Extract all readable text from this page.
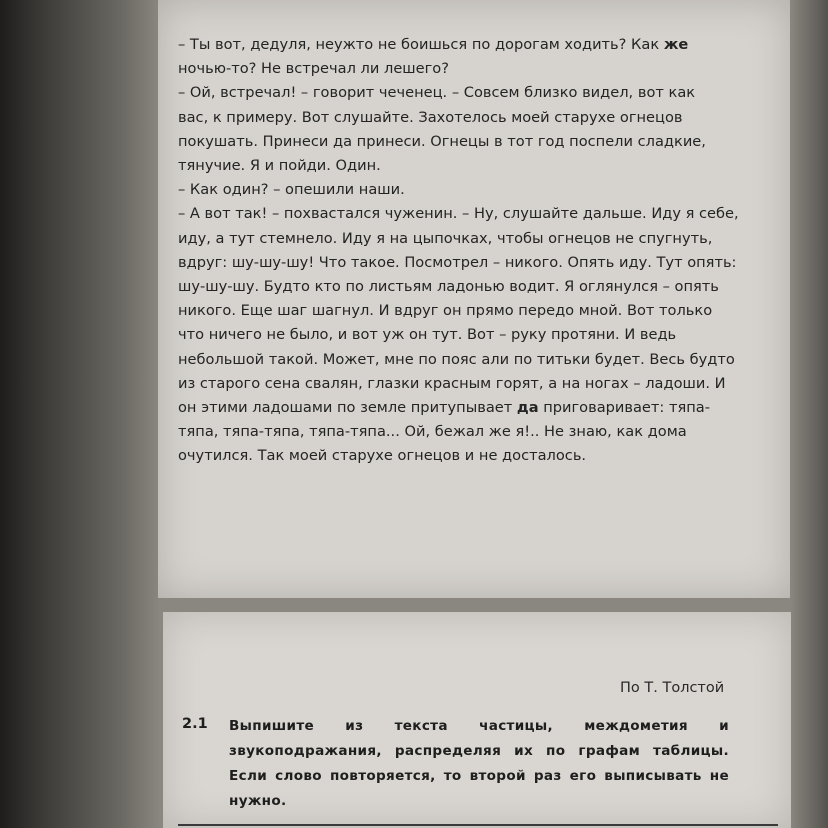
– Ты вот, дедуля, неужто не боишься по дорогам ходить? Как же

ночью-то? Не встречал ли лешего?

– Ой, встречал! – говорит чеченец. – Совсем близко видел, вот как

вас, к примеру. Вот слушайте. Захотелось моей старухе огнецов

покушать. Принеси да принеси. Огнецы в тот год поспели сладкие,

тянучие. Я и пойди. Один.

– Как один? – опешили наши.

– А вот так! – похвастался чуженин. – Ну, слушайте дальше. Иду я себе,

иду, а тут стемнело. Иду я на цыпочках, чтобы огнецов не спугнуть,

вдруг: шу-шу-шу! Что такое. Посмотрел – никого. Опять иду. Тут опять:

шу-шу-шу. Будто кто по листьям ладонью водит. Я оглянулся – опять

никого. Еще шаг шагнул. И вдруг он прямо передо мной. Вот только

что ничего не было, и вот уж он тут. Вот – руку протяни. И ведь

небольшой такой. Может, мне по пояс али по титьки будет. Весь будто

из старого сена свалян, глазки красным горят, а на ногах – ладоши. И

он этими ладошами по земле притупывает да приговаривает: тяпа-

тяпа, тяпа-тяпа, тяпа-тяпа... Ой, бежал же я!.. Не знаю, как дома

очутился. Так моей старухе огнецов и не досталось.

По Т. Толстой
2.1 Выпишите из текста частицы, междометия и звукоподражания, распределяя их по графам таблицы. Если слово повторяется, то второй раз его выписывать не нужно.
